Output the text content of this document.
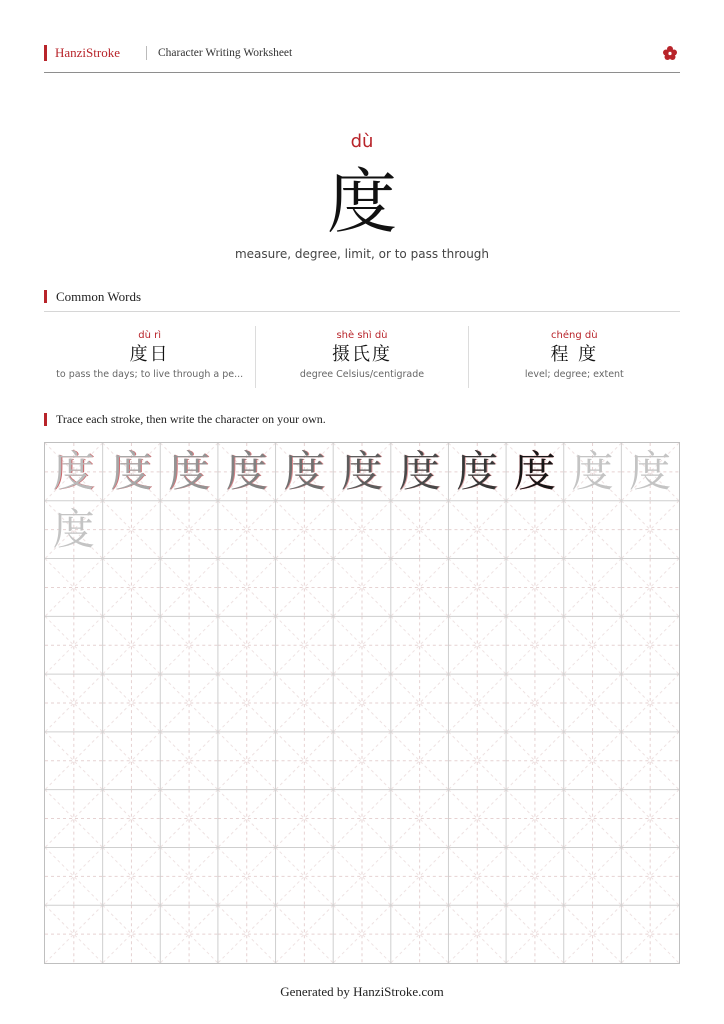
HanziStroke	Character Writing Worksheet
dù
度
measure, degree, limit, or to pass through
Common Words
dù rì
度日
to pass the days; to live through a pe...
shè shì dù
摄氏度
degree Celsius/centigrade
chéng dù
程 度
level; degree; extent
Trace each stroke, then write the character on your own.
度 度 度 度 度 度 度 度 度 度 度
度
Generated by HanziStroke.com
